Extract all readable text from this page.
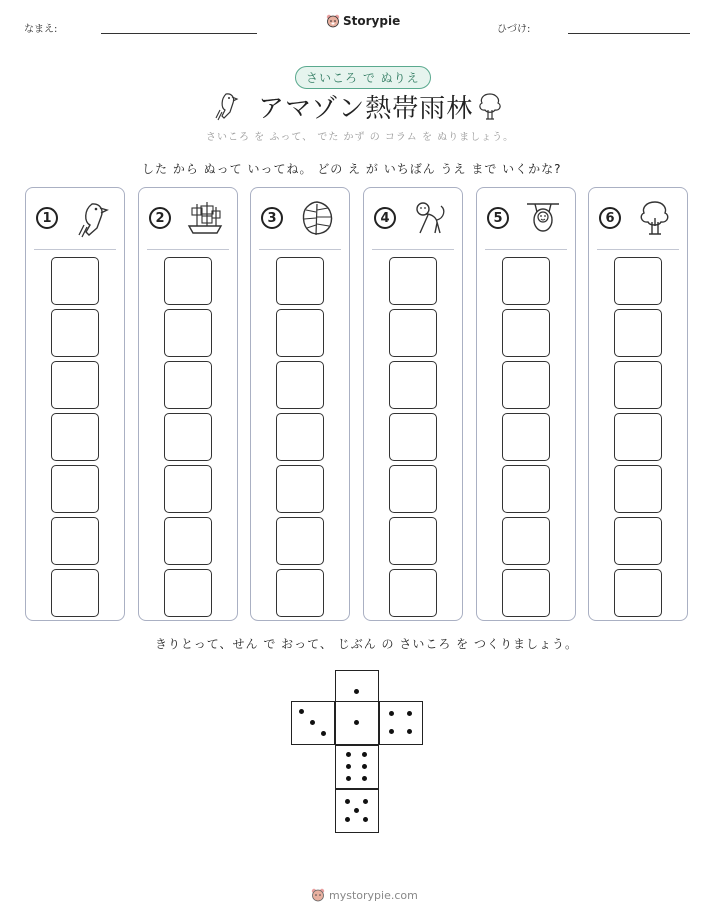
なまえ:
Storypie
ひづけ:
さいころ で ぬりえ
アマゾン熱帯雨林
さいころ を ふって、 でた かず の コラム を ぬりましょう。
した から ぬって いってね。 どの え が いちばん うえ まで いくかな?
1	2	3	4	5	6
きりとって、せん で おって、 じぶん の さいころ を つくりましょう。
mystorypie.com
